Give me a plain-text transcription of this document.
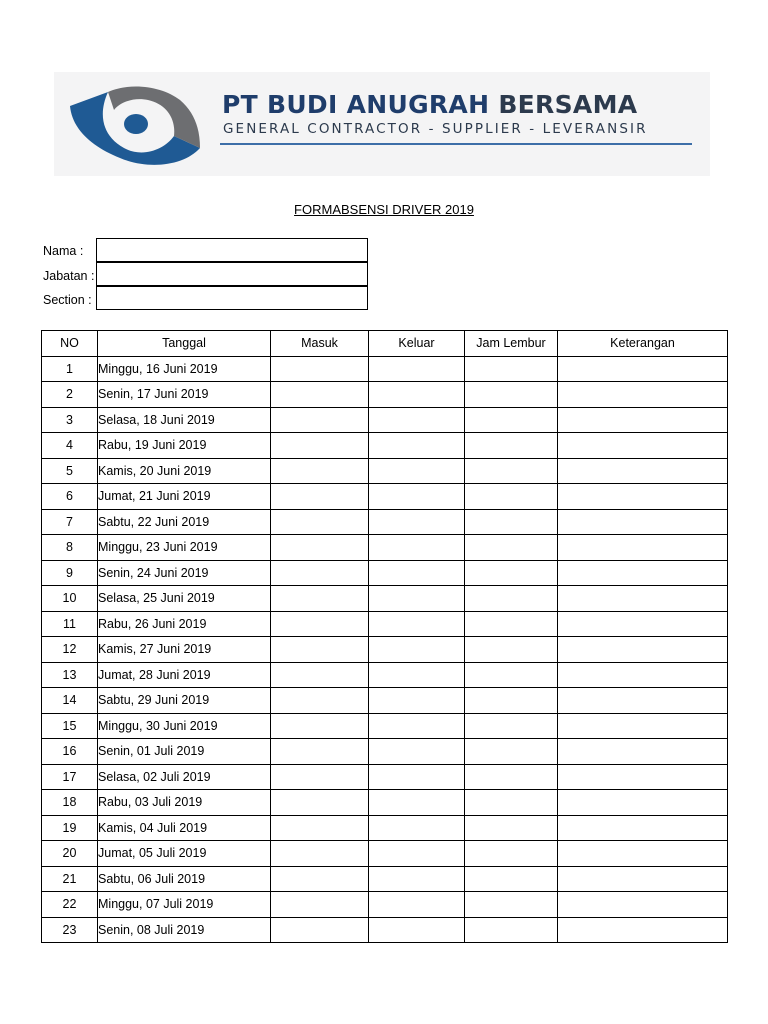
PT BUDI ANUGRAH BERSAMA
GENERAL CONTRACTOR - SUPPLIER - LEVERANSIR
FORMABSENSI DRIVER 2019
Nama :
Jabatan :
Section :
NO	Tanggal	Masuk	Keluar	Jam Lembur	Keterangan
1	Minggu, 16 Juni 2019				
2	Senin, 17 Juni 2019				
3	Selasa, 18 Juni 2019				
4	Rabu, 19 Juni 2019				
5	Kamis, 20 Juni 2019				
6	Jumat, 21 Juni 2019				
7	Sabtu, 22 Juni 2019				
8	Minggu, 23 Juni 2019				
9	Senin, 24 Juni 2019				
10	Selasa, 25 Juni 2019				
11	Rabu, 26 Juni 2019				
12	Kamis, 27 Juni 2019				
13	Jumat, 28 Juni 2019				
14	Sabtu, 29 Juni 2019				
15	Minggu, 30 Juni 2019				
16	Senin, 01 Juli 2019				
17	Selasa, 02 Juli 2019				
18	Rabu, 03 Juli 2019				
19	Kamis, 04 Juli 2019				
20	Jumat, 05 Juli 2019				
21	Sabtu, 06 Juli 2019				
22	Minggu, 07 Juli 2019				
23	Senin, 08 Juli 2019				
